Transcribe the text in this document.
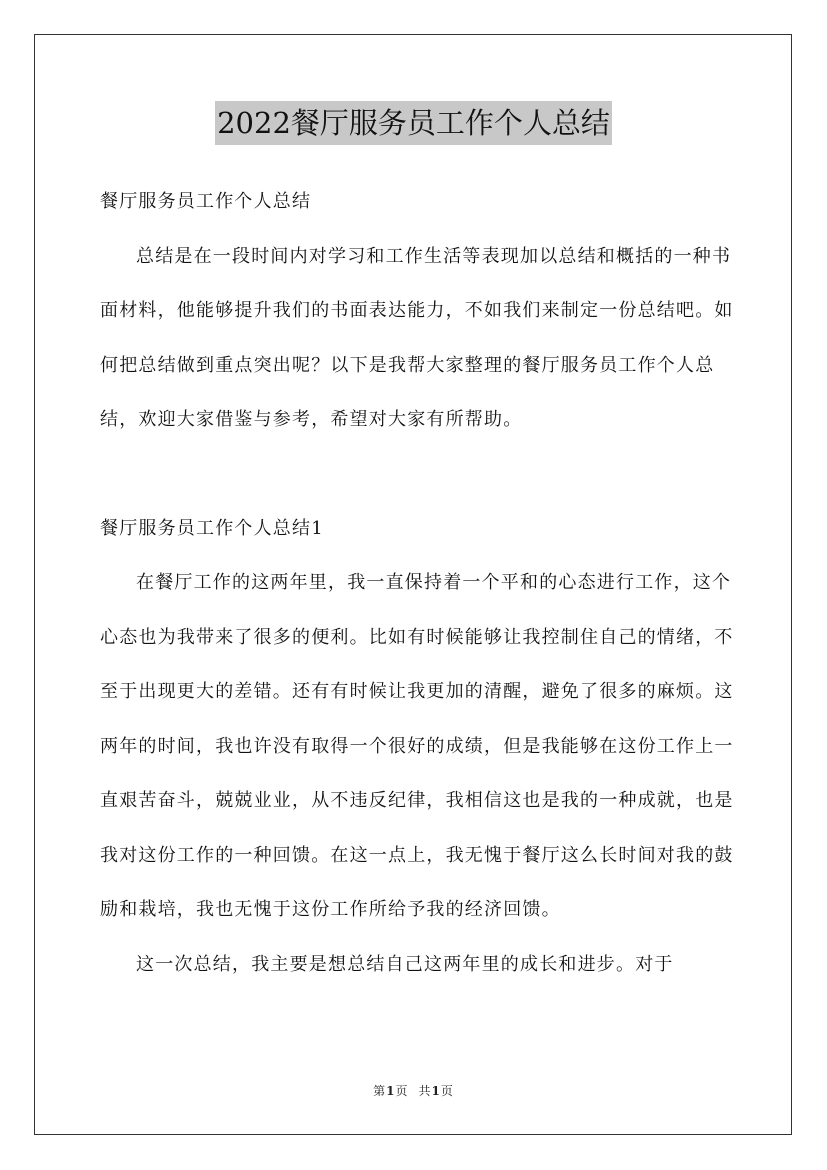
2022餐厅服务员工作个人总结

餐厅服务员工作个人总结

总结是在一段时间内对学习和工作生活等表现加以总结和概括的一种书面材料，他能够提升我们的书面表达能力，不如我们来制定一份总结吧。如何把总结做到重点突出呢？以下是我帮大家整理的餐厅服务员工作个人总结，欢迎大家借鉴与参考，希望对大家有所帮助。

餐厅服务员工作个人总结1

在餐厅工作的这两年里，我一直保持着一个平和的心态进行工作，这个心态也为我带来了很多的便利。比如有时候能够让我控制住自己的情绪，不至于出现更大的差错。还有有时候让我更加的清醒，避免了很多的麻烦。这两年的时间，我也许没有取得一个很好的成绩，但是我能够在这份工作上一直艰苦奋斗，兢兢业业，从不违反纪律，我相信这也是我的一种成就，也是我对这份工作的一种回馈。在这一点上，我无愧于餐厅这么长时间对我的鼓励和栽培，我也无愧于这份工作所给予我的经济回馈。

这一次总结，我主要是想总结自己这两年里的成长和进步。对于

第1页 共1页
